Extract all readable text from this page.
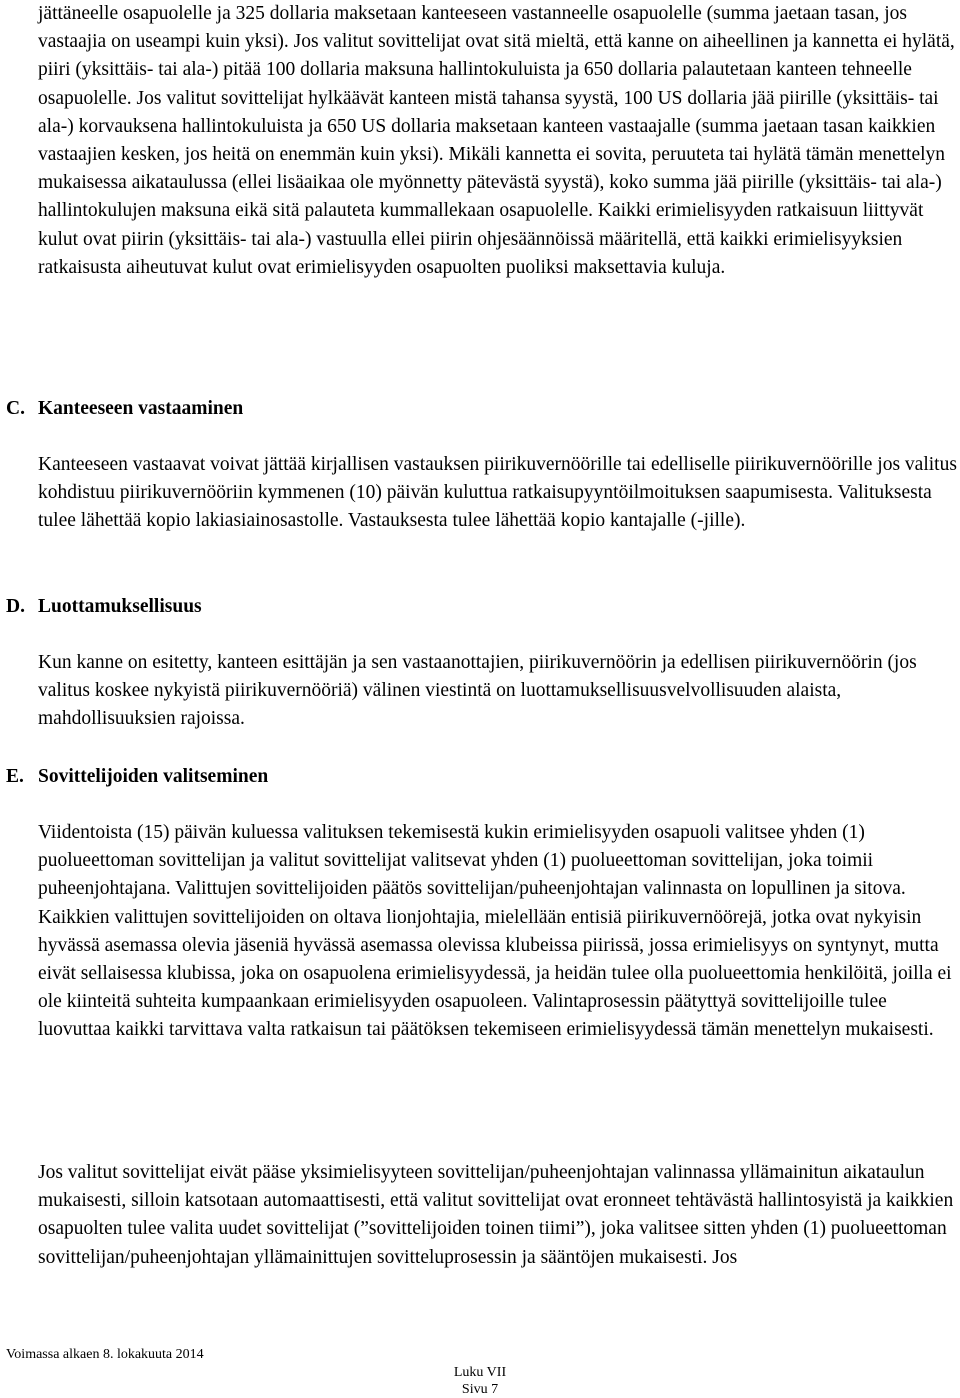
jättäneelle osapuolelle ja 325 dollaria maksetaan kanteeseen vastanneelle osapuolelle (summa jaetaan tasan, jos vastaajia on useampi kuin yksi). Jos valitut sovittelijat ovat sitä mieltä, että kanne on aiheellinen ja kannetta ei hylätä, piiri (yksittäis- tai ala-) pitää 100 dollaria maksuna hallintokuluista ja 650 dollaria palautetaan kanteen tehneelle osapuolelle. Jos valitut sovittelijat hylkäävät kanteen mistä tahansa syystä, 100 US dollaria jää piirille (yksittäis- tai ala-) korvauksena hallintokuluista ja 650 US dollaria maksetaan kanteen vastaajalle (summa jaetaan tasan kaikkien vastaajien kesken, jos heitä on enemmän kuin yksi). Mikäli kannetta ei sovita, peruuteta tai hylätä tämän menettelyn mukaisessa aikataulussa (ellei lisäaikaa ole myönnetty pätevästä syystä), koko summa jää piirille (yksittäis- tai ala-) hallintokulujen maksuna eikä sitä palauteta kummallekaan osapuolelle. Kaikki erimielisyyden ratkaisuun liittyvät kulut ovat piirin (yksittäis- tai ala-) vastuulla ellei piirin ohjesäännöissä määritellä, että kaikki erimielisyyksien ratkaisusta aiheutuvat kulut ovat erimielisyyden osapuolten puoliksi maksettavia kuluja.

C. Kanteeseen vastaaminen

Kanteeseen vastaavat voivat jättää kirjallisen vastauksen piirikuvernöörille tai edelliselle piirikuvernöörille jos valitus kohdistuu piirikuvernööriin kymmenen (10) päivän kuluttua ratkaisupyyntöilmoituksen saapumisesta. Valituksesta tulee lähettää kopio lakiasiainosastolle. Vastauksesta tulee lähettää kopio kantajalle (-jille).

D. Luottamuksellisuus

Kun kanne on esitetty, kanteen esittäjän ja sen vastaanottajien, piirikuvernöörin ja edellisen piirikuvernöörin (jos valitus koskee nykyistä piirikuvernööriä) välinen viestintä on luottamuksellisuusvelvollisuuden alaista, mahdollisuuksien rajoissa.

E. Sovittelijoiden valitseminen

Viidentoista (15) päivän kuluessa valituksen tekemisestä kukin erimielisyyden osapuoli valitsee yhden (1) puolueettoman sovittelijan ja valitut sovittelijat valitsevat yhden (1) puolueettoman sovittelijan, joka toimii puheenjohtajana. Valittujen sovittelijoiden päätös sovittelijan/puheenjohtajan valinnasta on lopullinen ja sitova. Kaikkien valittujen sovittelijoiden on oltava lionjohtajia, mielellään entisiä piirikuvernöörejä, jotka ovat nykyisin hyvässä asemassa olevia jäseniä hyvässä asemassa olevissa klubeissa piirissä, jossa erimielisyys on syntynyt, mutta eivät sellaisessa klubissa, joka on osapuolena erimielisyydessä, ja heidän tulee olla puolueettomia henkilöitä, joilla ei ole kiinteitä suhteita kumpaankaan erimielisyyden osapuoleen. Valintaprosessin päätyttyä sovittelijoille tulee luovuttaa kaikki tarvittava valta ratkaisun tai päätöksen tekemiseen erimielisyydessä tämän menettelyn mukaisesti.

Jos valitut sovittelijat eivät pääse yksimielisyyteen sovittelijan/puheenjohtajan valinnassa yllämainitun aikataulun mukaisesti, silloin katsotaan automaattisesti, että valitut sovittelijat ovat eronneet tehtävästä hallintosyistä ja kaikkien osapuolten tulee valita uudet sovittelijat (”sovittelijoiden toinen tiimi”), joka valitsee sitten yhden (1) puolueettoman sovittelijan/puheenjohtajan yllämainittujen sovitteluprosessin ja sääntöjen mukaisesti. Jos

Voimassa alkaen 8. lokakuuta 2014

Luku VII

Sivu 7
